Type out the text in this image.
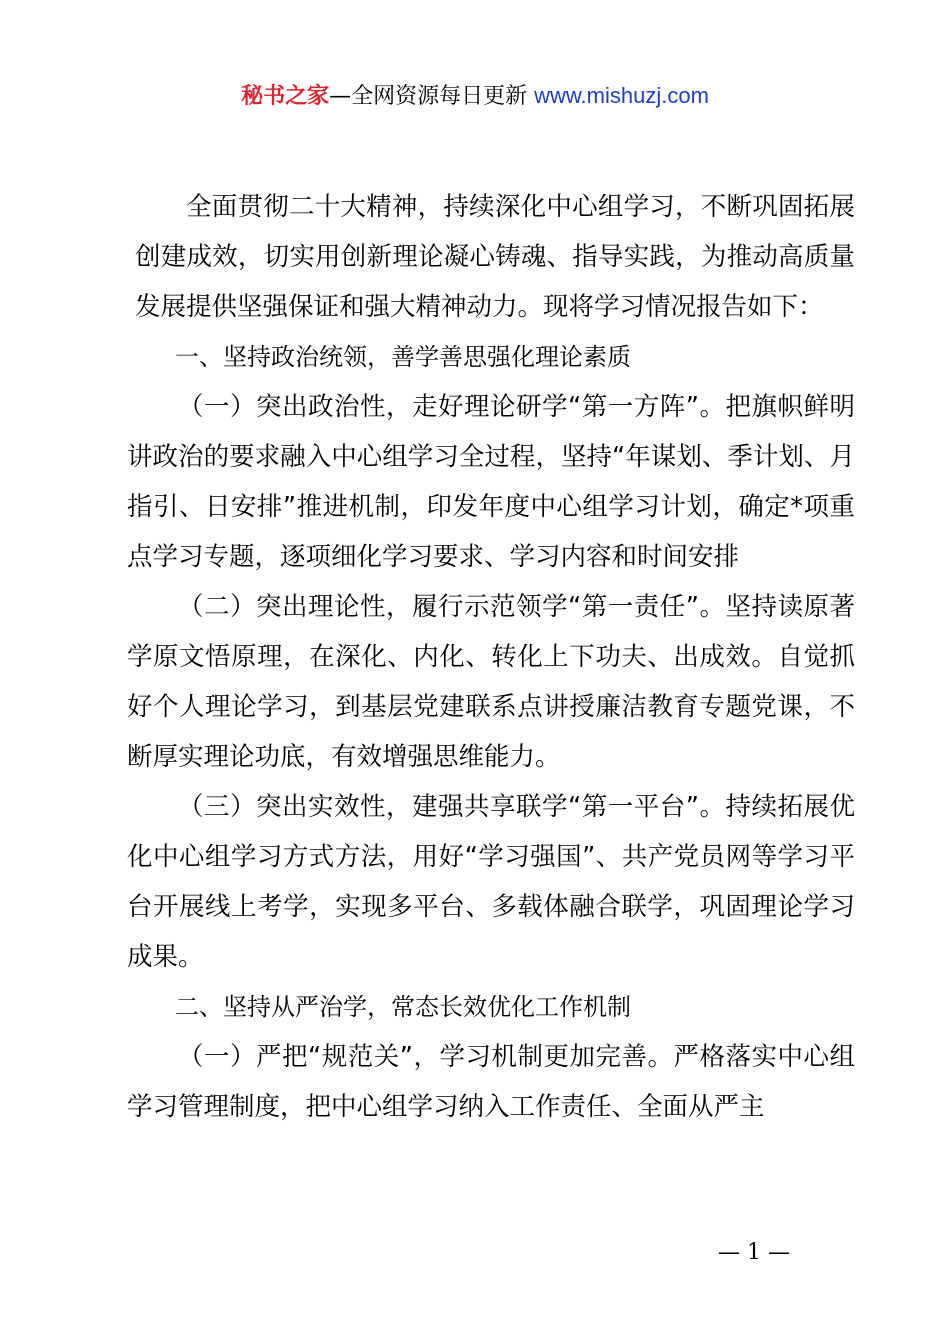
秘书之家—全网资源每日更新 www.mishuzj.com

全面贯彻二十大精神，持续深化中心组学习，不断巩固拓展创建成效，切实用创新理论凝心铸魂、指导实践，为推动高质量发展提供坚强保证和强大精神动力。现将学习情况报告如下：

一、坚持政治统领，善学善思强化理论素质

（一）突出政治性，走好理论研学“第一方阵”。把旗帜鲜明讲政治的要求融入中心组学习全过程，坚持“年谋划、季计划、月指引、日安排”推进机制，印发年度中心组学习计划，确定*项重点学习专题，逐项细化学习要求、学习内容和时间安排

（二）突出理论性，履行示范领学“第一责任”。坚持读原著学原文悟原理，在深化、内化、转化上下功夫、出成效。自觉抓好个人理论学习，到基层党建联系点讲授廉洁教育专题党课，不断厚实理论功底，有效增强思维能力。

（三）突出实效性，建强共享联学“第一平台”。持续拓展优化中心组学习方式方法，用好“学习强国”、共产党员网等学习平台开展线上考学，实现多平台、多载体融合联学，巩固理论学习成果。

二、坚持从严治学，常态长效优化工作机制

（一）严把“规范关”，学习机制更加完善。严格落实中心组学习管理制度，把中心组学习纳入工作责任、全面从严主

— 1 —
